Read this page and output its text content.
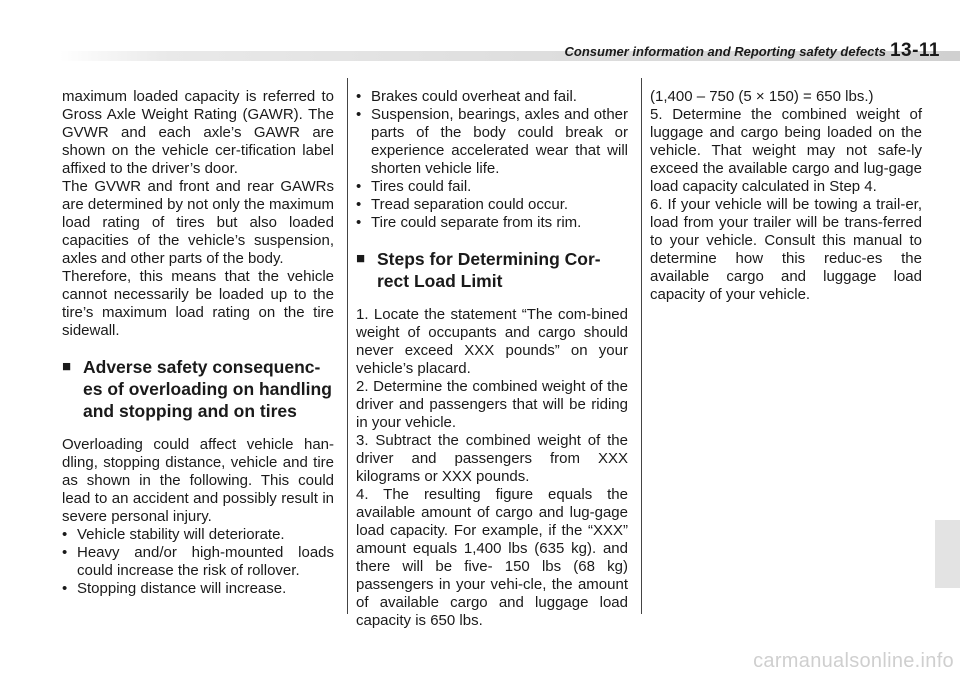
Consumer information and Reporting safety defects 13-11

maximum loaded capacity is referred to Gross Axle Weight Rating (GAWR). The GVWR and each axle’s GAWR are shown on the vehicle cer-tification label affixed to the driver’s door.

The GVWR and front and rear GAWRs are determined by not only the maximum load rating of tires but also loaded capacities of the vehicle’s suspension, axles and other parts of the body.

Therefore, this means that the vehicle cannot necessarily be loaded up to the tire’s maximum load rating on the tire sidewall.

■ Adverse safety consequenc-es of overloading on handling and stopping and on tires

Overloading could affect vehicle han-dling, stopping distance, vehicle and tire as shown in the following. This could lead to an accident and possibly result in severe personal injury.

• Vehicle stability will deteriorate.

• Heavy and/or high-mounted loads could increase the risk of rollover.

• Stopping distance will increase.

• Brakes could overheat and fail.

• Suspension, bearings, axles and other parts of the body could break or experience accelerated wear that will shorten vehicle life.

• Tires could fail.

• Tread separation could occur.

• Tire could separate from its rim.

■ Steps for Determining Cor-rect Load Limit

1. Locate the statement “The com-bined weight of occupants and cargo should never exceed XXX pounds” on your vehicle’s placard.

2. Determine the combined weight of the driver and passengers that will be riding in your vehicle.

3. Subtract the combined weight of the driver and passengers from XXX kilograms or XXX pounds.

4. The resulting figure equals the available amount of cargo and lug-gage load capacity. For example, if the “XXX” amount equals 1,400 lbs (635 kg). and there will be five- 150 lbs (68 kg) passengers in your vehi-cle, the amount of available cargo and luggage load capacity is 650 lbs.

(1,400 – 750 (5 × 150) = 650 lbs.)

5. Determine the combined weight of luggage and cargo being loaded on the vehicle. That weight may not safe-ly exceed the available cargo and lug-gage load capacity calculated in Step 4.

6. If your vehicle will be towing a trail-er, load from your trailer will be trans-ferred to your vehicle. Consult this manual to determine how this reduc-es the available cargo and luggage load capacity of your vehicle.

carmanualsonline.info
